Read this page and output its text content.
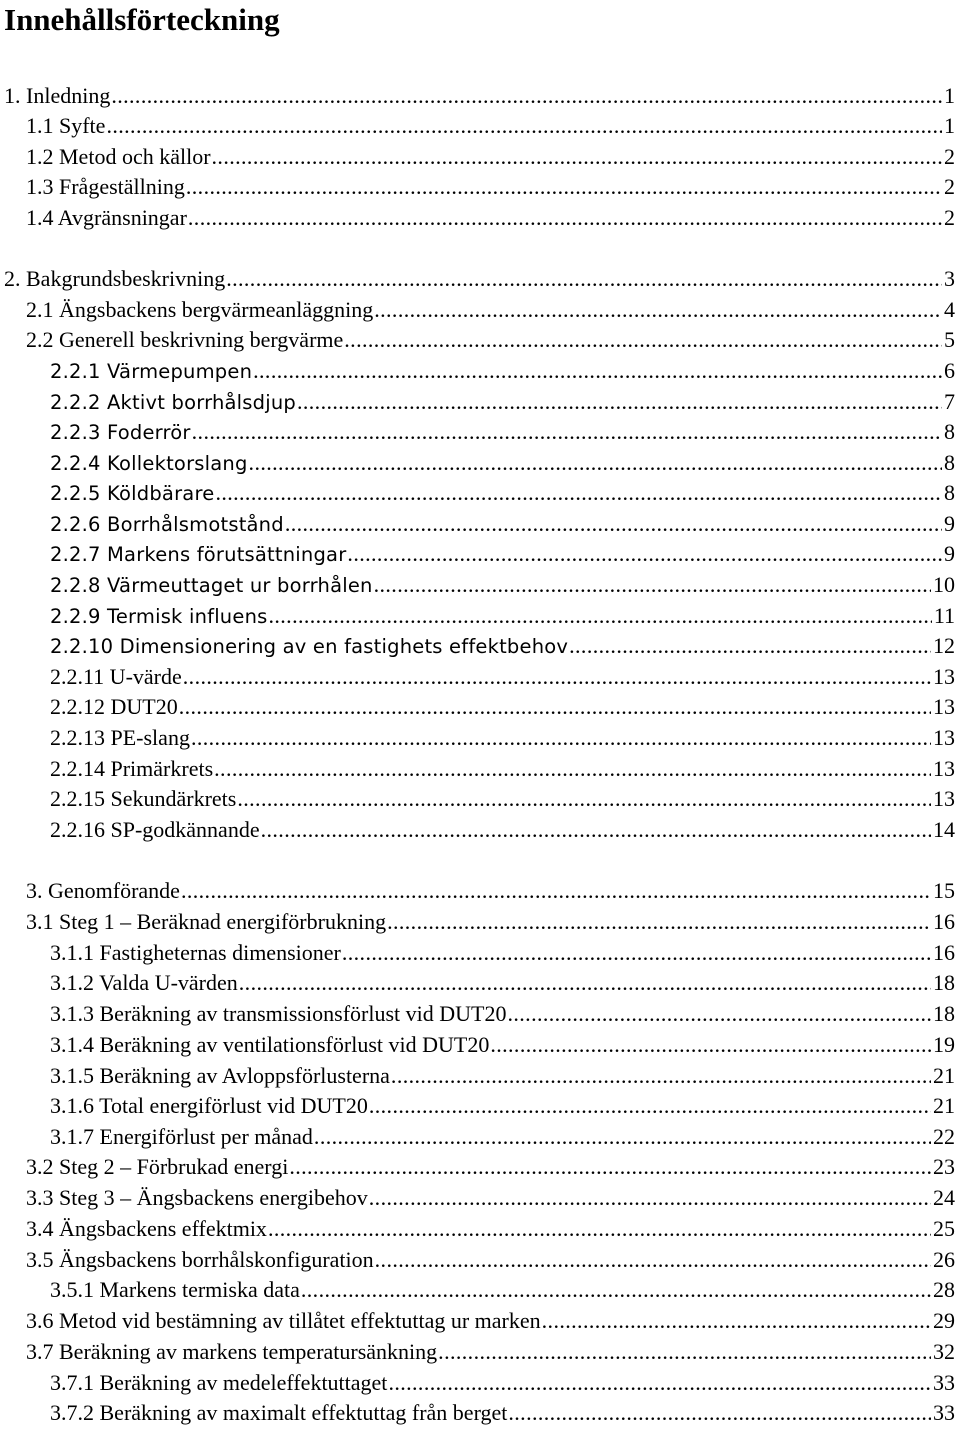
Innehållsförteckning
1. Inledning .....	1
1.1 Syfte .....	1
1.2 Metod och källor .....	2
1.3 Frågeställning .....	2
1.4 Avgränsningar .....	2
2. Bakgrundsbeskrivning .....	3
2.1 Ängsbackens bergvärmeanläggning .....	4
2.2 Generell beskrivning bergvärme .....	5
2.2.1 Värmepumpen .....	6
2.2.2 Aktivt borrhålsdjup .....	7
2.2.3 Foderrör .....	8
2.2.4 Kollektorslang .....	8
2.2.5 Köldbärare .....	8
2.2.6 Borrhålsmotstånd .....	9
2.2.7 Markens förutsättningar .....	9
2.2.8 Värmeuttaget ur borrhålen .....	10
2.2.9 Termisk influens .....	11
2.2.10 Dimensionering av en fastighets effektbehov .....	12
2.2.11 U-värde .....	13
2.2.12 DUT20 .....	13
2.2.13 PE-slang .....	13
2.2.14 Primärkrets .....	13
2.2.15 Sekundärkrets .....	13
2.2.16 SP-godkännande .....	14
3. Genomförande .....	15
3.1 Steg 1 – Beräknad energiförbrukning .....	16
3.1.1 Fastigheternas dimensioner .....	16
3.1.2 Valda U-värden .....	18
3.1.3 Beräkning av transmissionsförlust vid DUT20 .....	18
3.1.4 Beräkning av ventilationsförlust vid DUT20 .....	19
3.1.5 Beräkning av Avloppsförlusterna .....	21
3.1.6 Total energiförlust vid DUT20 .....	21
3.1.7 Energiförlust per månad .....	22
3.2 Steg 2 – Förbrukad energi .....	23
3.3 Steg 3 – Ängsbackens energibehov .....	24
3.4 Ängsbackens effektmix .....	25
3.5 Ängsbackens borrhålskonfiguration .....	26
3.5.1 Markens termiska data .....	28
3.6 Metod vid bestämning av tillåtet effektuttag ur marken .....	29
3.7 Beräkning av markens temperatursänkning .....	32
3.7.1 Beräkning av medeleffektuttaget .....	33
3.7.2 Beräkning av maximalt effektuttag från berget .....	33
